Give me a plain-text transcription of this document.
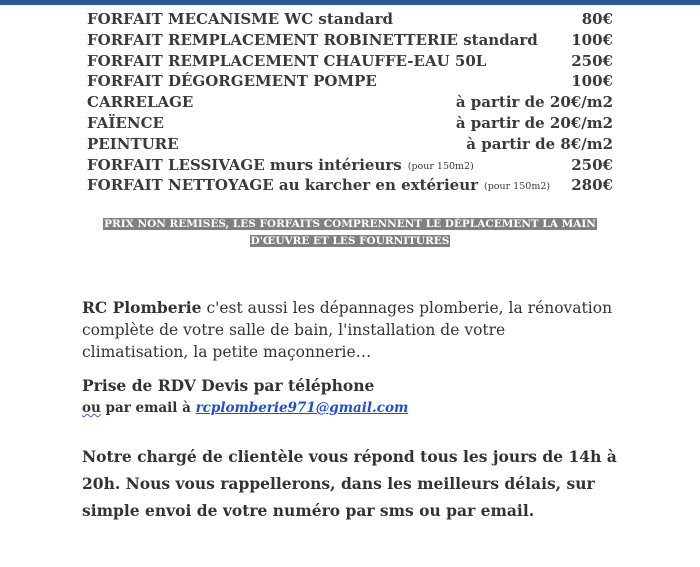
FORFAIT MECANISME WC standard	80€
FORFAIT REMPLACEMENT ROBINETTERIE standard 100€
FORFAIT REMPLACEMENT CHAUFFE-EAU 50L	250€
FORFAIT DÉGORGEMENT POMPE	100€
CARRELAGE	à partir de 20€/m2
FAÏENCE	à partir de 20€/m2
PEINTURE	à partir de 8€/m2
FORFAIT LESSIVAGE murs intérieurs (pour 150m2)	250€
FORFAIT NETTOYAGE au karcher en extérieur (pour 150m2) 280€
PRIX NON REMISÉS, LES FORFAITS COMPRENNENT LE DÉPLACEMENT LA MAIN
D'ŒUVRE ET LES FOURNITURES
RC Plomberie c'est aussi les dépannages plomberie, la rénovation
complète de votre salle de bain, l'installation de votre
climatisation, la petite maçonnerie…
Prise de RDV Devis par téléphone
ou par email à rcplomberie971@gmail.com
Notre chargé de clientèle vous répond tous les jours de 14h à
20h. Nous vous rappellerons, dans les meilleurs délais, sur
simple envoi de votre numéro par sms ou par email.
